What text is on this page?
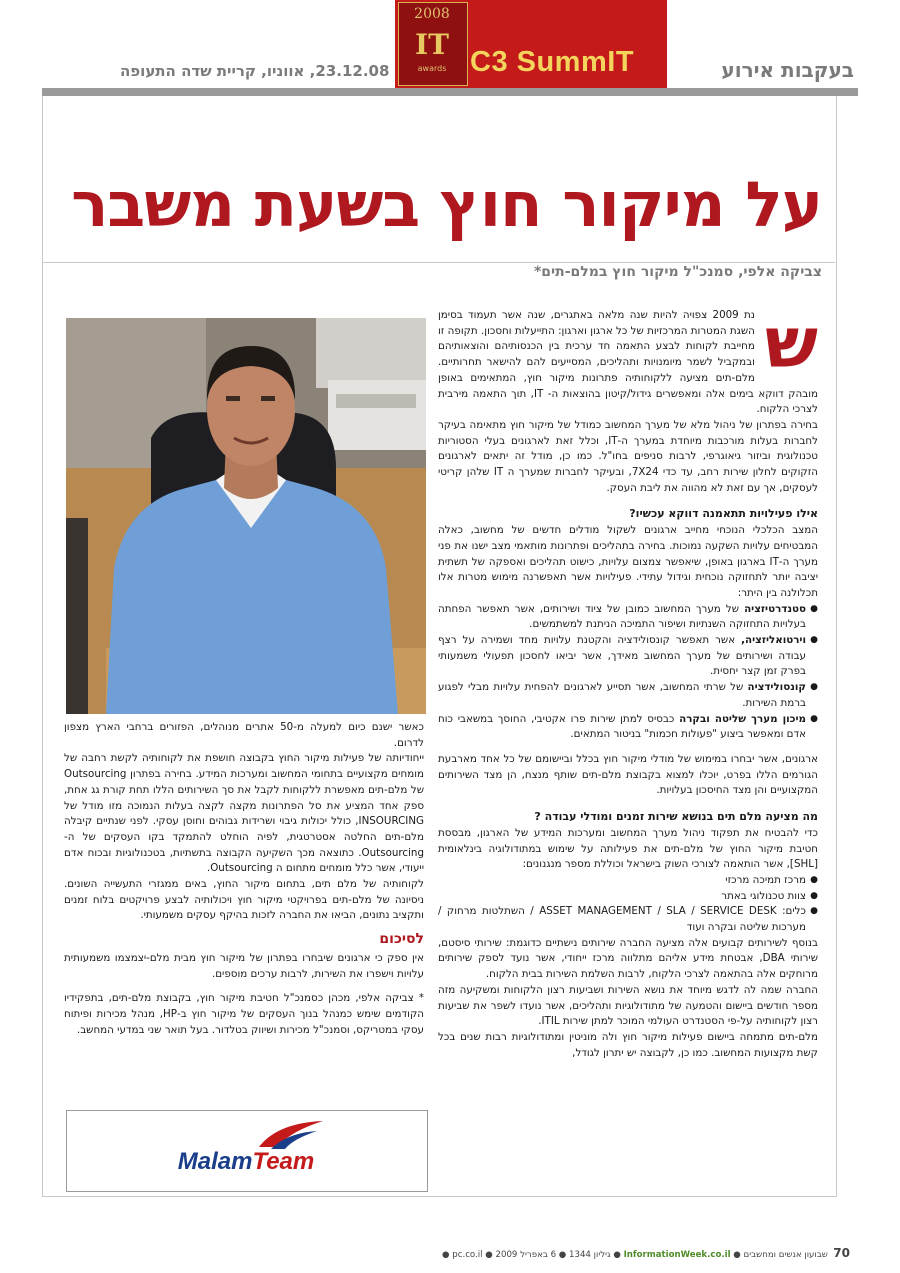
2008
IT
awards C3 SummIT	בעקבות אירוע
23.12.08, אווניו, קריית שדה התעופה
על מיקור חוץ בשעת משבר
צביקה אלפי, סמנכ"ל מיקור חוץ במלם-תים*
ש

נת 2009 צפויה להיות שנה מלאה באתגרים, שנה אשר תעמוד בסימן השגת המטרות המרכזיות של כל ארגון וארגון: התייעלות וחסכון. תקופה זו מחייבת לקוחות לבצע התאמה חד ערכית בין הכנסותיהם והוצאותיהם ובמקביל לשמר מיומנויות ותהליכים, המסייעים להם להישאר תחרותיים. מלם-תים מציעה ללקוחותיה פתרונות מיקור חוץ, המתאימים באופן מובהק דווקא בימים אלה ומאפשרים גידול/קיטון בהוצאות ה- IT, תוך התאמה מירבית לצרכי הלקוח.

בחירה בפתרון של ניהול מלא של מערך המחשוב כמודל של מיקור חוץ מתאימה בעיקר לחברות בעלות מורכבות מיוחדת במערך ה-IT, וכלל זאת לארגונים בעלי הסטוריות טכנולוגית וביזור גיאוגרפי, לרבות סניפים בחו"ל. כמו כן, מודל זה יתאים לארגונים הזקוקים לחלון שירות רחב, עד כדי 7X24, ובעיקר לחברות שמערך ה IT שלהן קריטי לעסקים, אך עם זאת לא מהווה את ליבת העסק.

אילו פעילויות תתאמנה דווקא עכשיו?

המצב הכלכלי הנוכחי מחייב ארגונים לשקול מודלים חדשים של מחשוב, כאלה המבטיחים עלויות השקעה נמוכות. בחירה בתהליכים ופתרונות מותאמי מצב ישנו את פני מערך ה-IT בארגון באופן, שיאפשר צמצום עלויות, כישוט תהליכים ואספקה של תשתית יציבה יותר לתחזוקה נוכחית וגידול עתידי. פעילויות אשר תאפשרנה מימוש מטרות אלו תכלולנה בין היתר:

● סטנדרטיזציה של מערך המחשוב כמובן של ציוד ושירותים, אשר תאפשר הפחתה בעלויות התחזוקה השנתיות ושיפור התמיכה הניתנת למשתמשים.
● וירטואליזציה, אשר תאפשר קונסולידציה והקטנת עלויות מחד ושמירה על רצף עבודה ושירותים של מערך המחשוב מאידך, אשר יביאו לחסכון תפעולי משמעותי בפרק זמן קצר יחסית.
● קונסולידציה של שרתי המחשוב, אשר תסייע לארגונים להפחית עלויות מבלי לפגוע ברמת השירות.
● מיכון מערך שליטה ובקרה כבסיס למתן שירות פרו אקטיבי, החוסך במשאבי כוח אדם ומאפשר ביצוע "פעולות חכמות" בניטור המתאים.

ארגונים, אשר יבחרו במימוש של מודלי מיקור חוץ בכלל וביישומם של כל אחד מארבעת הגורמים הללו בפרט, יוכלו למצוא בקבוצת מלם-תים שותף מנצח, הן מצד השירותים המקצועיים והן מצד החיסכון בעלויות.

מה מציעה מלם תים בנושא שירות זמנים ומודלי עבודה ?

כדי להבטיח את תפקוד ניהול מערך המחשוב ומערכות המידע של הארגון, מבססת חטיבת מיקור החוץ של מלם-תים את פעילותה על שימוש במתודולוגיה בינלאומית [SHL], אשר הותאמה לצורכי השוק בישראל וכוללת מספר מנגנונים:

● מרכז תמיכה מרכזי
● צוות טכנולוגי באתר
● כלים: ASSET MANAGEMENT / SLA / SERVICE DESK / השתלטות מרחוק / מערכות שליטה ובקרה ועוד

בנוסף לשירותים קבועים אלה מציעה החברה שירותים נישתיים כדוגמת: שירותי סיסטם, שירותי DBA, אבטחת מידע אליהם מתלווה מרכז ייחודי, אשר נועד לספק שירותים מרוחקים אלה בהתאמה לצרכי הלקוח, לרבות השלמת השירות בבית הלקוח.

החברה שמה לה לדגש מיוחד את נושא השירות ושביעות רצון הלקוחות ומשקיעה מזה מספר חודשים ביישום והטמעה של מתודולוגיות ותהליכים, אשר נועדו לשפר את שביעות רצון לקוחותיה על-פי הסטנדרט העולמי המוכר למתן שירות ITIL.

מלם-תים מתמחה ביישום פעילות מיקור חוץ ולה מוניטין ומתודולוגיות רבות שנים בכל קשת מקצועות המחשוב. כמו כן, לקבוצה יש יתרון לגודל,

כאשר ישנם כיום למעלה מ-50 אתרים מנוהלים, הפזורים ברחבי הארץ מצפון לדרום.

ייחודיותה של פעילות מיקור החוץ בקבוצה חושפת את לקוחותיה לקשת רחבה של מומחים מקצועיים בתחומי המחשוב ומערכות המידע. בחירה בפתרון Outsourcing של מלם-תים מאפשרת ללקוחות לקבל את סך השירותים הללו תחת קורת גג אחת, ספק אחד המציע את סל הפתרונות מקצה לקצה בעלות הנמוכה מזו מודל של INSOURCING, כולל יכולות גיבוי ושרידות גבוהים וחוסן עסקי. לפני שנתיים קיבלה מלם-תים החלטה אסטרטגית, לפיה הוחלט להתמקד בקו העסקים של ה-Outsourcing. כתוצאה מכך השקיעה הקבוצה בתשתיות, בטכנולוגיות ובכוח אדם ייעודי, אשר כלל מומחים מתחום ה Outsourcing.

לקוחותיה של מלם תים, בתחום מיקור החוץ, באים ממגזרי התעשייה השונים. ניסיונה של מלם-תים בפרויקטי מיקור חוץ ויכולותיה לבצע פרויקטים בלוח זמנים ותקציב נתונים, הביאו את החברה לזכות בהיקף עסקים משמעותי.

לסיכום

אין ספק כי ארגונים שיבחרו בפתרון של מיקור חוץ מבית מלם-יצמצמו משמעותית עלויות וישפרו את השירות, לרבות ערכים מוספים.

* צביקה אלפי, מכהן כסמנכ"ל חטיבת מיקור חוץ, בקבוצת מלם-תים, בתפקידיו הקודמים שימש כמנהל בנוך העסקים של מיקור חוץ ב-HP, מנהל מכירות ופיתוח עסקי במטריקס, וסמנכ"ל מכירות ושיווק בטלדור. בעל תואר שני במדעי המחשב.

MalamTeam
70  שבועון אנשים ומחשבים ● InformationWeek.co.il ● גיליון 1344 ● 6 באפריל 2009 ● pc.co.il ●
